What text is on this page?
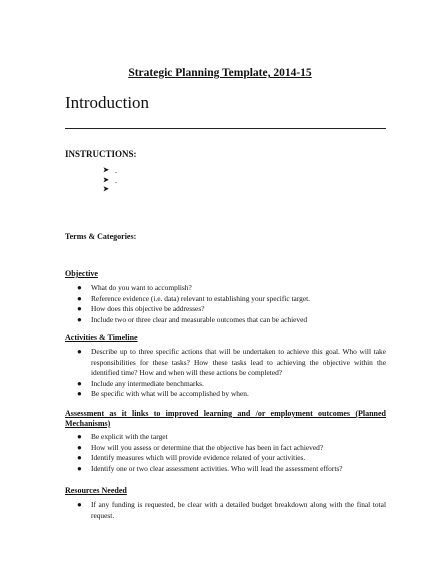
Strategic Planning Template, 2014-15
Introduction
INSTRUCTIONS:
➤ .
➤ .
➤
Terms & Categories:
Objective
● What do you want to accomplish?
● Reference evidence (i.e. data) relevant to establishing your specific target.
● How does this objective be addresses?
● Include two or three clear and measurable outcomes that can be achieved
Activities & Timeline
● Describe up to three specific actions that will be undertaken to achieve this goal. Who will take responsibilities for these tasks? How these tasks lead to achieving the objective within the identified time? How and when will these actions be completed?
● Include any intermediate benchmarks.
● Be specific with what will be accomplished by when.
Assessment as it links to improved learning and /or employment outcomes (Planned Mechanisms)
● Be explicit with the target
● How will you assess or determine that the objective has been in fact achieved?
● Identify measures which will provide evidence related of your activities.
● Identify one or two clear assessment activities. Who will lead the assessment efforts?
Resources Needed
● If any funding is requested, be clear with a detailed budget breakdown along with the final total request.
